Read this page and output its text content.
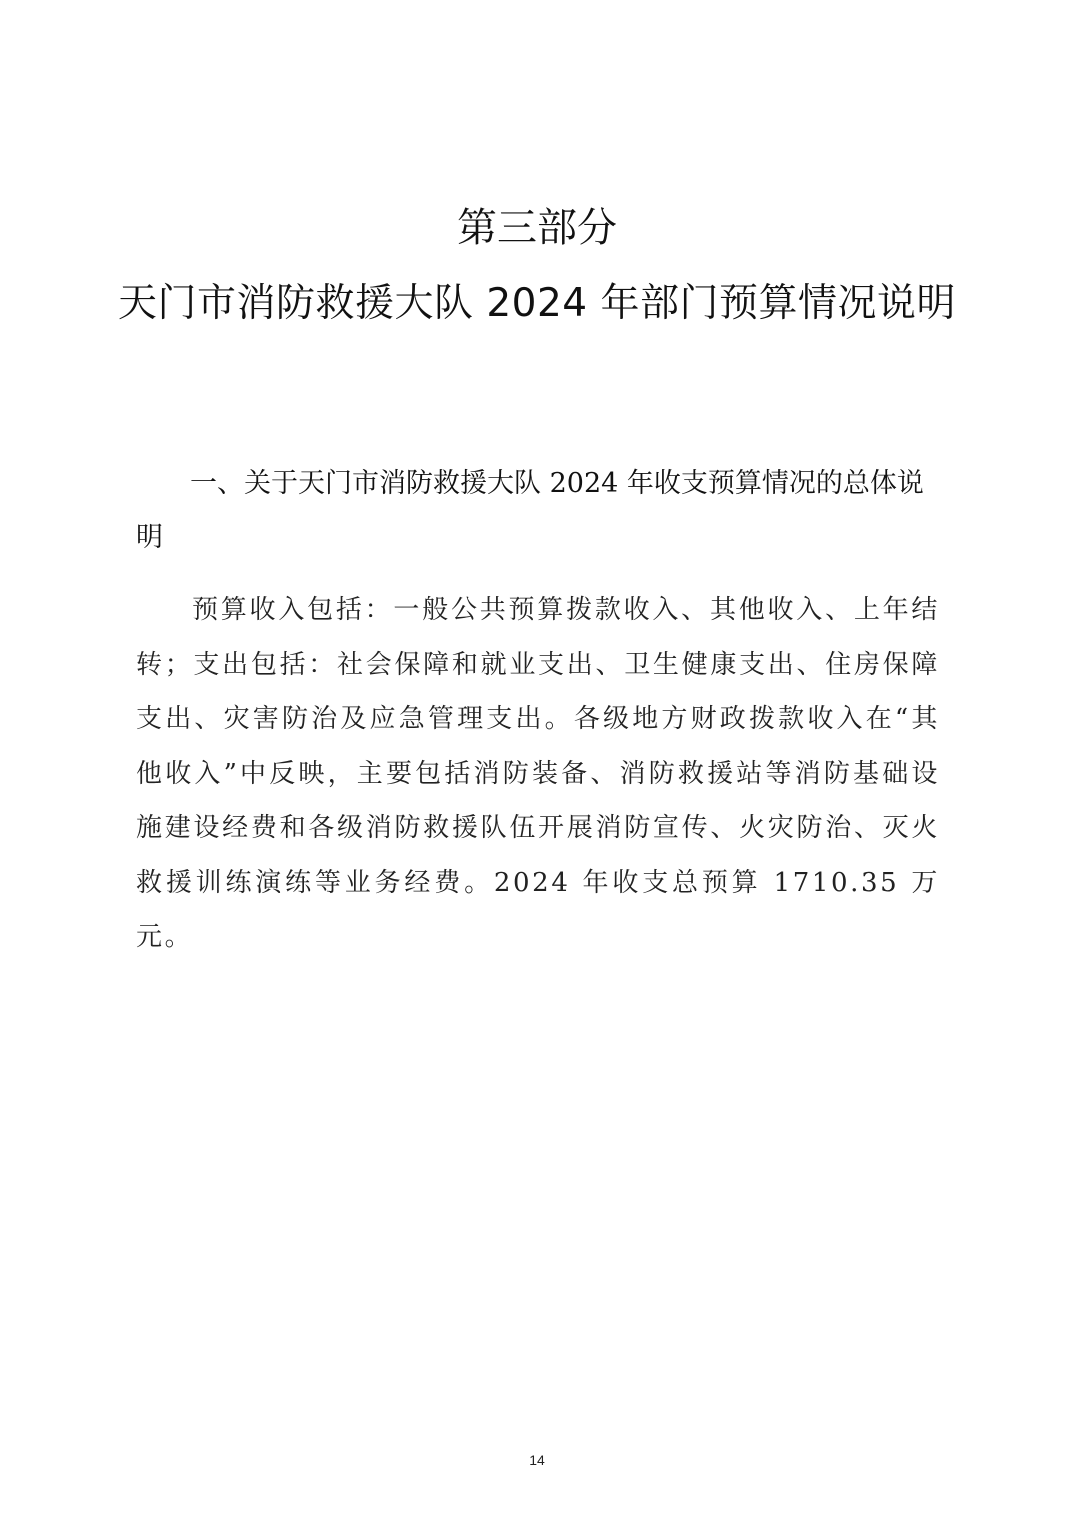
第三部分
天门市消防救援大队 2024 年部门预算情况说明
一、关于天门市消防救援大队 2024 年收支预算情况的总体说明

预算收入包括：一般公共预算拨款收入、其他收入、上年结转；支出包括：社会保障和就业支出、卫生健康支出、住房保障支出、灾害防治及应急管理支出。各级地方财政拨款收入在“其他收入”中反映，主要包括消防装备、消防救援站等消防基础设施建设经费和各级消防救援队伍开展消防宣传、火灾防治、灭火救援训练演练等业务经费。2024 年收支总预算 1710.35 万元。

14
